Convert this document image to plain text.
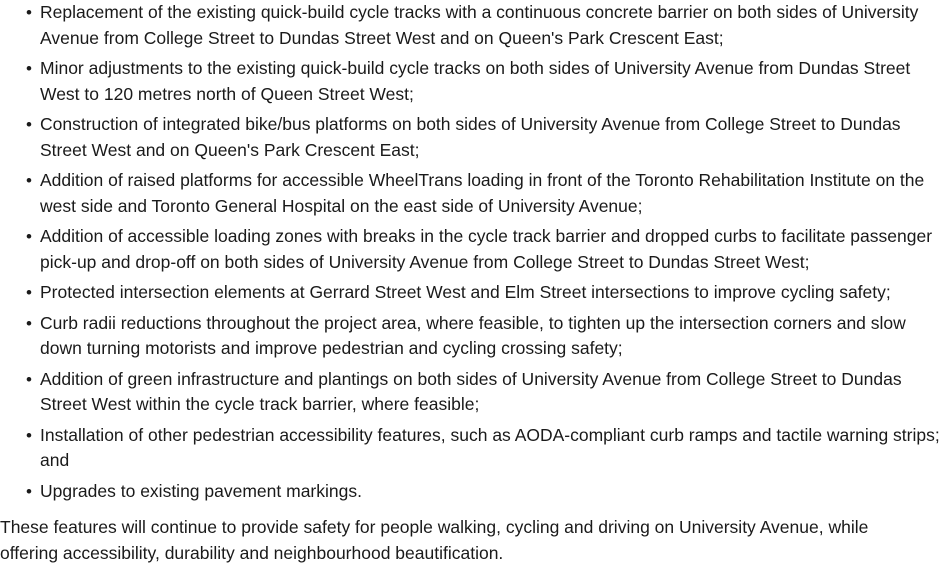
• Replacement of the existing quick-build cycle tracks with a continuous concrete barrier on both sides of University Avenue from College Street to Dundas Street West and on Queen's Park Crescent East;
• Minor adjustments to the existing quick-build cycle tracks on both sides of University Avenue from Dundas Street West to 120 metres north of Queen Street West;
• Construction of integrated bike/bus platforms on both sides of University Avenue from College Street to Dundas Street West and on Queen's Park Crescent East;
• Addition of raised platforms for accessible WheelTrans loading in front of the Toronto Rehabilitation Institute on the west side and Toronto General Hospital on the east side of University Avenue;
• Addition of accessible loading zones with breaks in the cycle track barrier and dropped curbs to facilitate passenger pick-up and drop-off on both sides of University Avenue from College Street to Dundas Street West;
• Protected intersection elements at Gerrard Street West and Elm Street intersections to improve cycling safety;
• Curb radii reductions throughout the project area, where feasible, to tighten up the intersection corners and slow down turning motorists and improve pedestrian and cycling crossing safety;
• Addition of green infrastructure and plantings on both sides of University Avenue from College Street to Dundas Street West within the cycle track barrier, where feasible;
• Installation of other pedestrian accessibility features, such as AODA-compliant curb ramps and tactile warning strips; and
• Upgrades to existing pavement markings.

These features will continue to provide safety for people walking, cycling and driving on University Avenue, while offering accessibility, durability and neighbourhood beautification.
